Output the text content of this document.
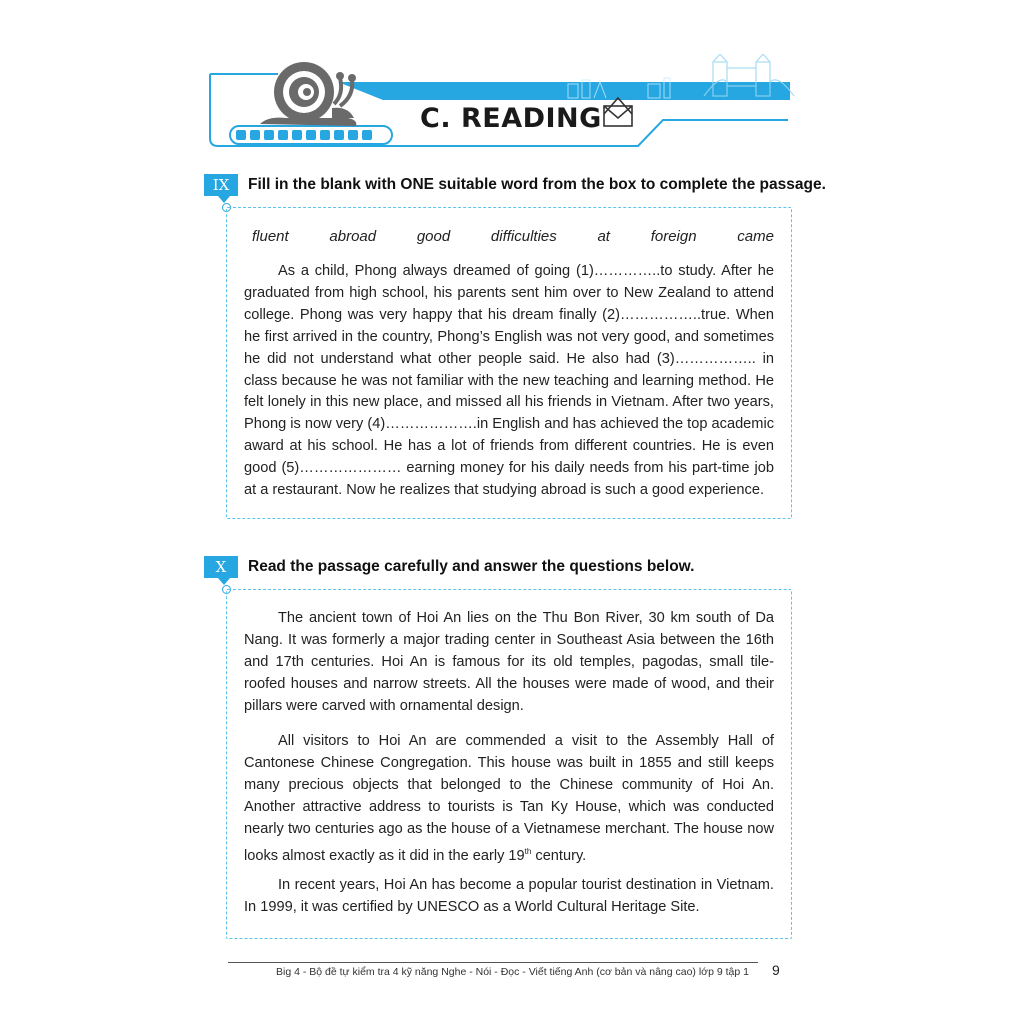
C. READING
IX	Fill in the blank with ONE suitable word from the box to complete the passage.
fluent	abroad	good	difficulties	at	foreign	came

As a child, Phong always dreamed of going (1)…………..to study. After he graduated from high school, his parents sent him over to New Zealand to attend college. Phong was very happy that his dream finally (2)……………..true. When he first arrived in the country, Phong’s English was not very good, and sometimes he did not understand what other people said. He also had (3)…………….. in class because he was not familiar with the new teaching and learning method. He felt lonely in this new place, and missed all his friends in Vietnam. After two years, Phong is now very (4)……………….in English and has achieved the top academic award at his school. He has a lot of friends from different countries. He is even good (5)………………… earning money for his daily needs from his part-time job at a restaurant. Now he realizes that studying abroad is such a good experience.

X	Read the passage carefully and answer the questions below.

The ancient town of Hoi An lies on the Thu Bon River, 30 km south of Da Nang. It was formerly a major trading center in Southeast Asia between the 16th and 17th centuries. Hoi An is famous for its old temples, pagodas, small tile-roofed houses and narrow streets. All the houses were made of wood, and their pillars were carved with ornamental design.

All visitors to Hoi An are commended a visit to the Assembly Hall of Cantonese Chinese Congregation. This house was built in 1855 and still keeps many precious objects that belonged to the Chinese community of Hoi An. Another attractive address to tourists is Tan Ky House, which was conducted nearly two centuries ago as the house of a Vietnamese merchant. The house now looks almost exactly as it did in the early 19th century.

In recent years, Hoi An has become a popular tourist destination in Vietnam. In 1999, it was certified by UNESCO as a World Cultural Heritage Site.

Big 4 - Bộ đề tự kiểm tra 4 kỹ năng Nghe - Nói - Đọc - Viết tiếng Anh (cơ bản và nâng cao) lớp 9 tập 1 9
